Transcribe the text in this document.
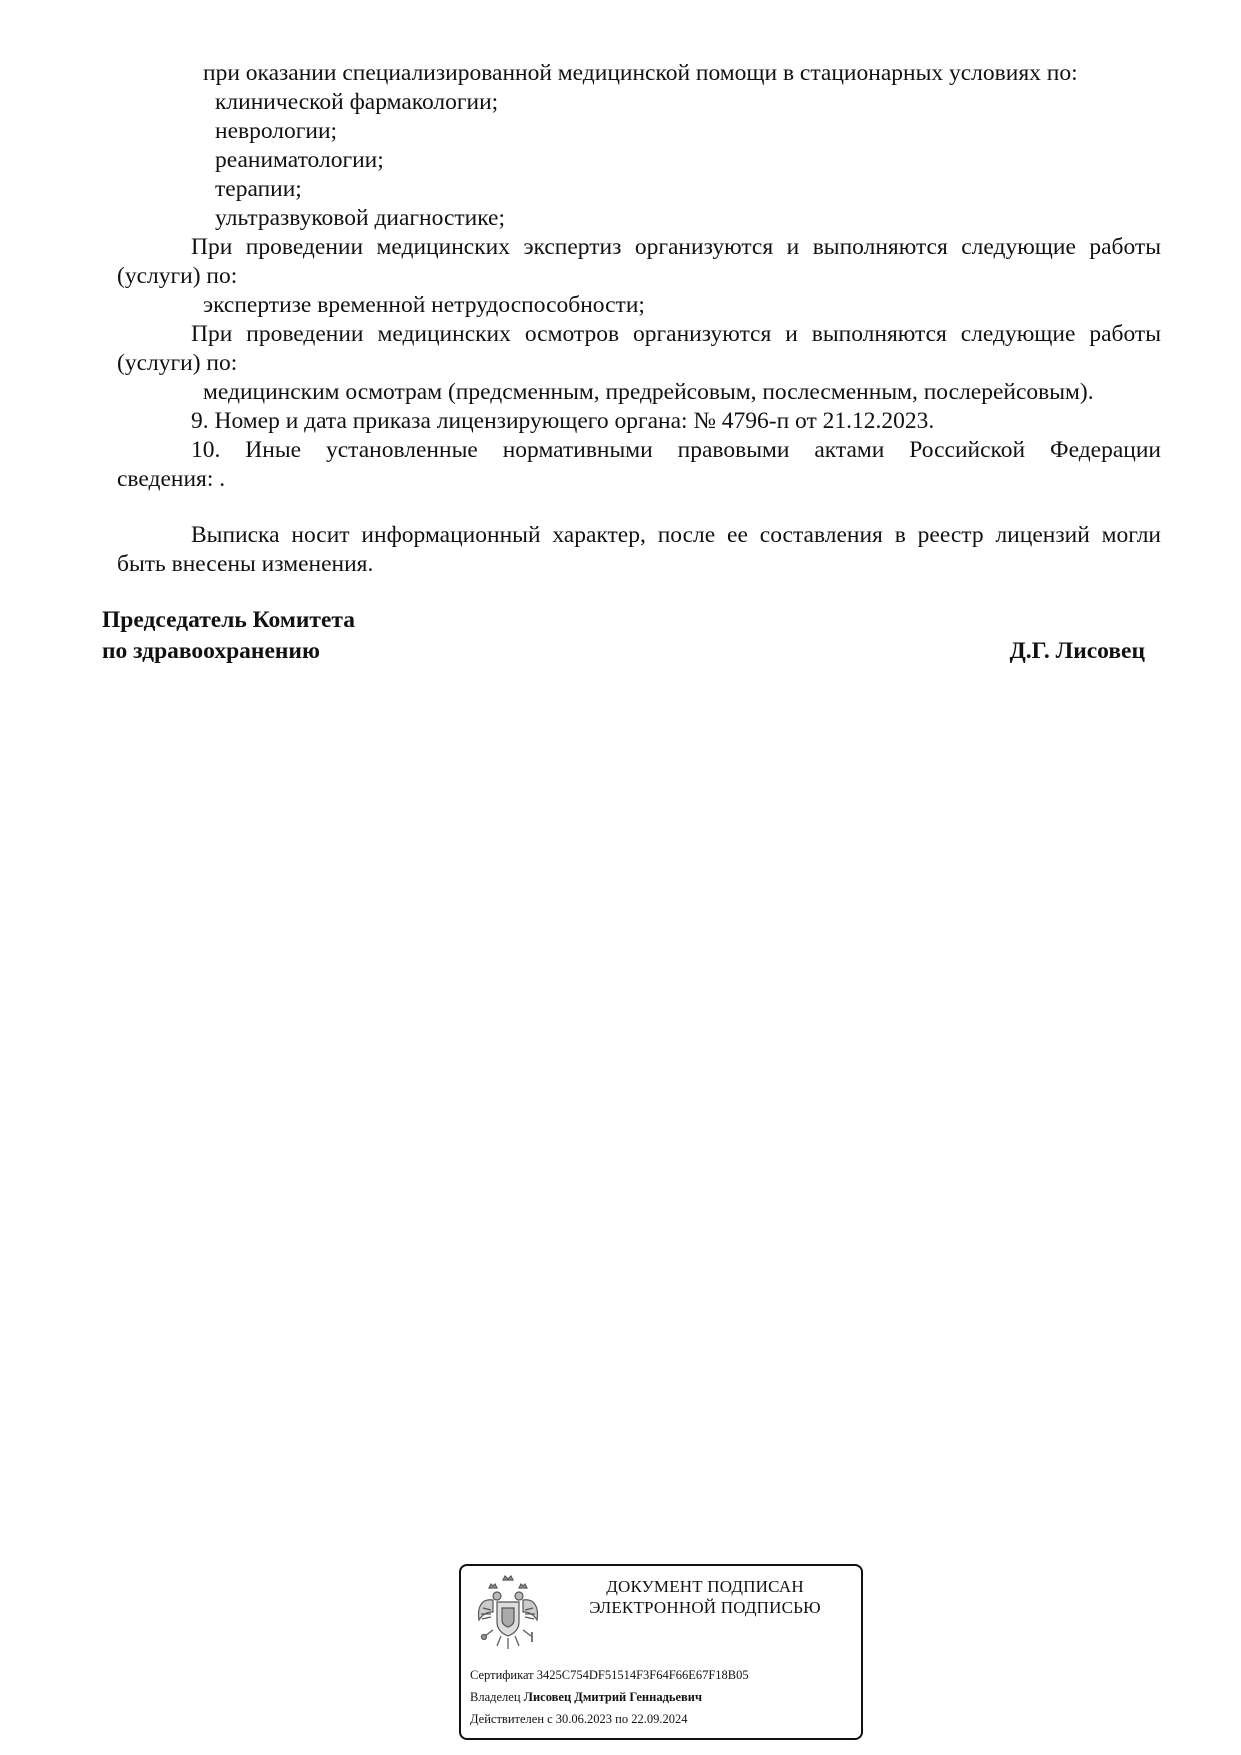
при оказании специализированной медицинской помощи в стационарных условиях по:
клинической фармакологии;
неврологии;
реаниматологии;
терапии;
ультразвуковой диагностике;
При проведении медицинских экспертиз организуются и выполняются следующие работы
(услуги) по:
экспертизе временной нетрудоспособности;
При проведении медицинских осмотров организуются и выполняются следующие работы
(услуги) по:
медицинским осмотрам (предсменным, предрейсовым, послесменным, послерейсовым).
9. Номер и дата приказа лицензирующего органа: № 4796-п от 21.12.2023.
10. Иные установленные нормативными правовыми актами Российской Федерации
сведения: .
Выписка носит информационный характер, после ее составления в реестр лицензий могли
быть внесены изменения.
Председатель Комитета
по здравоохранению	Д.Г. Лисовец
ДОКУМЕНТ ПОДПИСАН
ЭЛЕКТРОННОЙ ПОДПИСЬЮ
Сертификат 3425C754DF51514F3F64F66E67F18B05
Владелец Лисовец Дмитрий Геннадьевич
Действителен с 30.06.2023 по 22.09.2024
